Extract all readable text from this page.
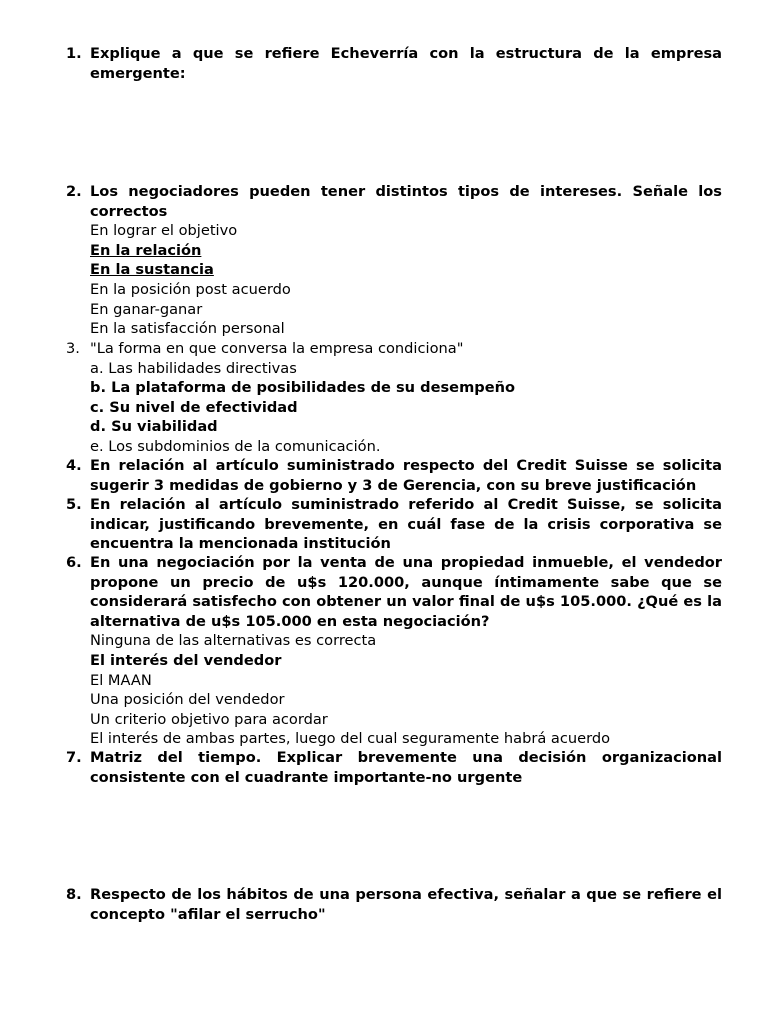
1. Explique a que se refiere Echeverría con la estructura de la empresa emergente:
2. Los negociadores pueden tener distintos tipos de intereses. Señale los correctos
En lograr el objetivo
En la relación
En la sustancia
En la posición post acuerdo
En ganar-ganar
En la satisfacción personal
3. "La forma en que conversa la empresa condiciona"
a. Las habilidades directivas
b. La plataforma de posibilidades de su desempeño
c. Su nivel de efectividad
d. Su viabilidad
e. Los subdominios de la comunicación.
4. En relación al artículo suministrado respecto del Credit Suisse se solicita sugerir 3 medidas de gobierno y 3 de Gerencia, con su breve justificación
5. En relación al artículo suministrado referido al Credit Suisse, se solicita indicar, justificando brevemente, en cuál fase de la crisis corporativa se encuentra la mencionada institución
6. En una negociación por la venta de una propiedad inmueble, el vendedor propone un precio de u$s 120.000, aunque íntimamente sabe que se considerará satisfecho con obtener un valor final de u$s 105.000. ¿Qué es la alternativa de u$s 105.000 en esta negociación?
Ninguna de las alternativas es correcta
El interés del vendedor
El MAAN
Una posición del vendedor
Un criterio objetivo para acordar
El interés de ambas partes, luego del cual seguramente habrá acuerdo
7. Matriz del tiempo. Explicar brevemente una decisión organizacional consistente con el cuadrante importante-no urgente
8. Respecto de los hábitos de una persona efectiva, señalar a que se refiere el concepto "afilar el serrucho"
